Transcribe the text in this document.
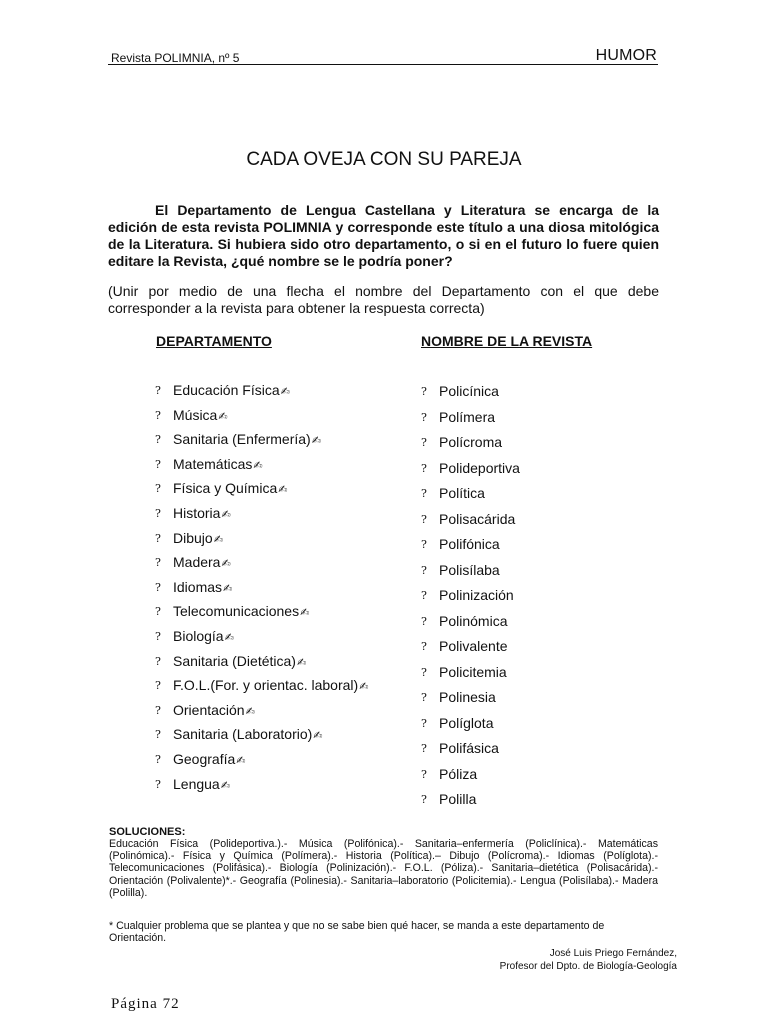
Revista POLIMNIA, nº 5	HUMOR
CADA OVEJA CON SU PAREJA
El Departamento de Lengua Castellana y Literatura se encarga de la edición de esta revista POLIMNIA y corresponde este título a una diosa mitológica de la Literatura. Si hubiera sido otro departamento, o si en el futuro lo fuere quien editare la Revista, ¿qué nombre se le podría poner?
(Unir por medio de una flecha el nombre del Departamento con el que debe corresponder a la revista para obtener la respuesta correcta)
DEPARTAMENTO	NOMBRE DE LA REVISTA
? Educación Física✍
? Música✍
? Sanitaria (Enfermería)✍
? Matemáticas✍
? Física y Química✍
? Historia✍
? Dibujo✍
? Madera✍
? Idiomas✍
? Telecomunicaciones✍
? Biología✍
? Sanitaria (Dietética)✍
? F.O.L.(For. y orientac. laboral)✍
? Orientación✍
? Sanitaria (Laboratorio)✍
? Geografía✍
? Lengua✍
? Policínica
? Polímera
? Polícroma
? Polideportiva
? Política
? Polisacárida
? Polifónica
? Polisílaba
? Polinización
? Polinómica
? Polivalente
? Policitemia
? Polinesia
? Políglota
? Polifásica
? Póliza
? Polilla
SOLUCIONES:
Educación Física (Polideportiva.).- Música (Polifónica).- Sanitaria–enfermería (Policlínica).- Matemáticas (Polinómica).- Física y Química (Polímera).- Historia (Política).– Dibujo (Polícroma).- Idiomas (Políglota).- Telecomunicaciones (Polifásica).- Biología (Polinización).- F.O.L. (Póliza).- Sanitaria–dietética (Polisacárida).- Orientación (Polivalente)*.- Geografía (Polinesia).- Sanitaria–laboratorio (Policitemia).- Lengua (Polisílaba).- Madera (Polilla).
* Cualquier problema que se plantea y que no se sabe bien qué hacer, se manda a este departamento de Orientación.
José Luis Priego Fernández,
Profesor del Dpto. de Biología-Geología
Página 72
